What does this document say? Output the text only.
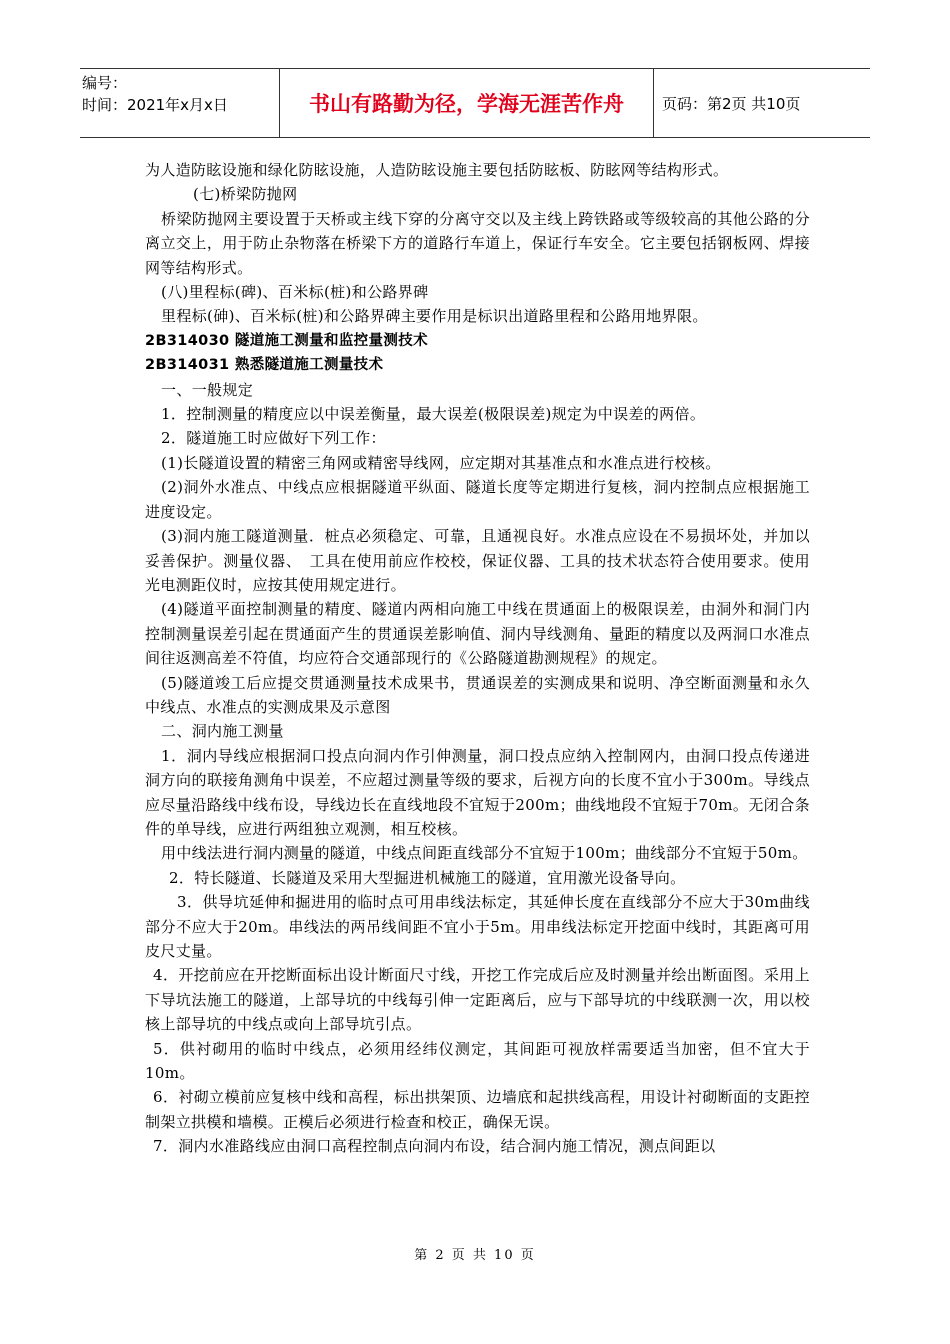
编号：
时间：2021年x月x日	书山有路勤为径，学海无涯苦作舟	页码：第2页 共10页

为人造防眩设施和绿化防眩设施，人造防眩设施主要包括防眩板、防眩网等结构形式。

(七)桥梁防抛网

桥梁防抛网主要设置于天桥或主线下穿的分离守交以及主线上跨铁路或等级较高的其他公路的分离立交上，用于防止杂物落在桥梁下方的道路行车道上，保证行车安全。它主要包括钢板网、焊接网等结构形式。

(八)里程标(碑)、百米标(桩)和公路界碑

里程标(砷)、百米标(桩)和公路界碑主要作用是标识出道路里程和公路用地界限。

2B314030 隧道施工测量和监控量测技术

2B314031 熟悉隧道施工测量技术

一、一般规定

1．控制测量的精度应以中误差衡量，最大误差(极限误差)规定为中误差的两倍。

2．隧道施工时应做好下列工作：

(1)长隧道设置的精密三角网或精密导线网，应定期对其基准点和水准点进行校核。

(2)洞外水准点、中线点应根据隧道平纵面、隧道长度等定期进行复核，洞内控制点应根据施工进度设定。

(3)洞内施工隧道测量．桩点必须稳定、可靠，且通视良好。水准点应设在不易损坏处，并加以妥善保护。测量仪器、　工具在使用前应作校校，保证仪器、工具的技术状态符合使用要求。使用光电测距仪时，应按其使用规定进行。

(4)隧道平面控制测量的精度、隧道内两相向施工中线在贯通面上的极限误差，由洞外和洞门内控制测量误差引起在贯通面产生的贯通误差影响值、洞内导线测角、量距的精度以及两洞口水准点间往返测高差不符值，均应符合交通部现行的《公路隧道勘测规程》的规定。

(5)隧道竣工后应提交贯通测量技术成果书，贯通误差的实测成果和说明、净空断面测量和永久中线点、水准点的实测成果及示意图

二、洞内施工测量

1．洞内导线应根据洞口投点向洞内作引伸测量，洞口投点应纳入控制网内，由洞口投点传递进洞方向的联接角测角中误差，不应超过测量等级的要求，后视方向的长度不宜小于300m。导线点应尽量沿路线中线布设，导线边长在直线地段不宜短于200m；曲线地段不宜短于70m。无闭合条件的单导线，应进行两组独立观测，相互校核。

用中线法进行洞内测量的隧道，中线点间距直线部分不宜短于100m；曲线部分不宜短于50m。

2．特长隧道、长隧道及采用大型掘进机械施工的隧道，宜用激光设备导向。

3．供导坑延伸和掘进用的临时点可用串线法标定，其延伸长度在直线部分不应大于30m曲线部分不应大于20m。串线法的两吊线间距不宜小于5m。用串线法标定开挖面中线时，其距离可用皮尺丈量。

4．开挖前应在开挖断面标出设计断面尺寸线，开挖工作完成后应及时测量并绘出断面图。采用上下导坑法施工的隧道，上部导坑的中线每引伸一定距离后，应与下部导坑的中线联测一次，用以校核上部导坑的中线点或向上部导坑引点。

5．供衬砌用的临时中线点，必须用经纬仪测定，其间距可视放样需要适当加密，但不宜大于10m。

6．衬砌立模前应复核中线和高程，标出拱架顶、边墙底和起拱线高程，用设计衬砌断面的支距控制架立拱模和墙模。正模后必须进行检查和校正，确保无误。

7．洞内水准路线应由洞口高程控制点向洞内布设，结合洞内施工情况，测点间距以

第 2 页 共 10 页
